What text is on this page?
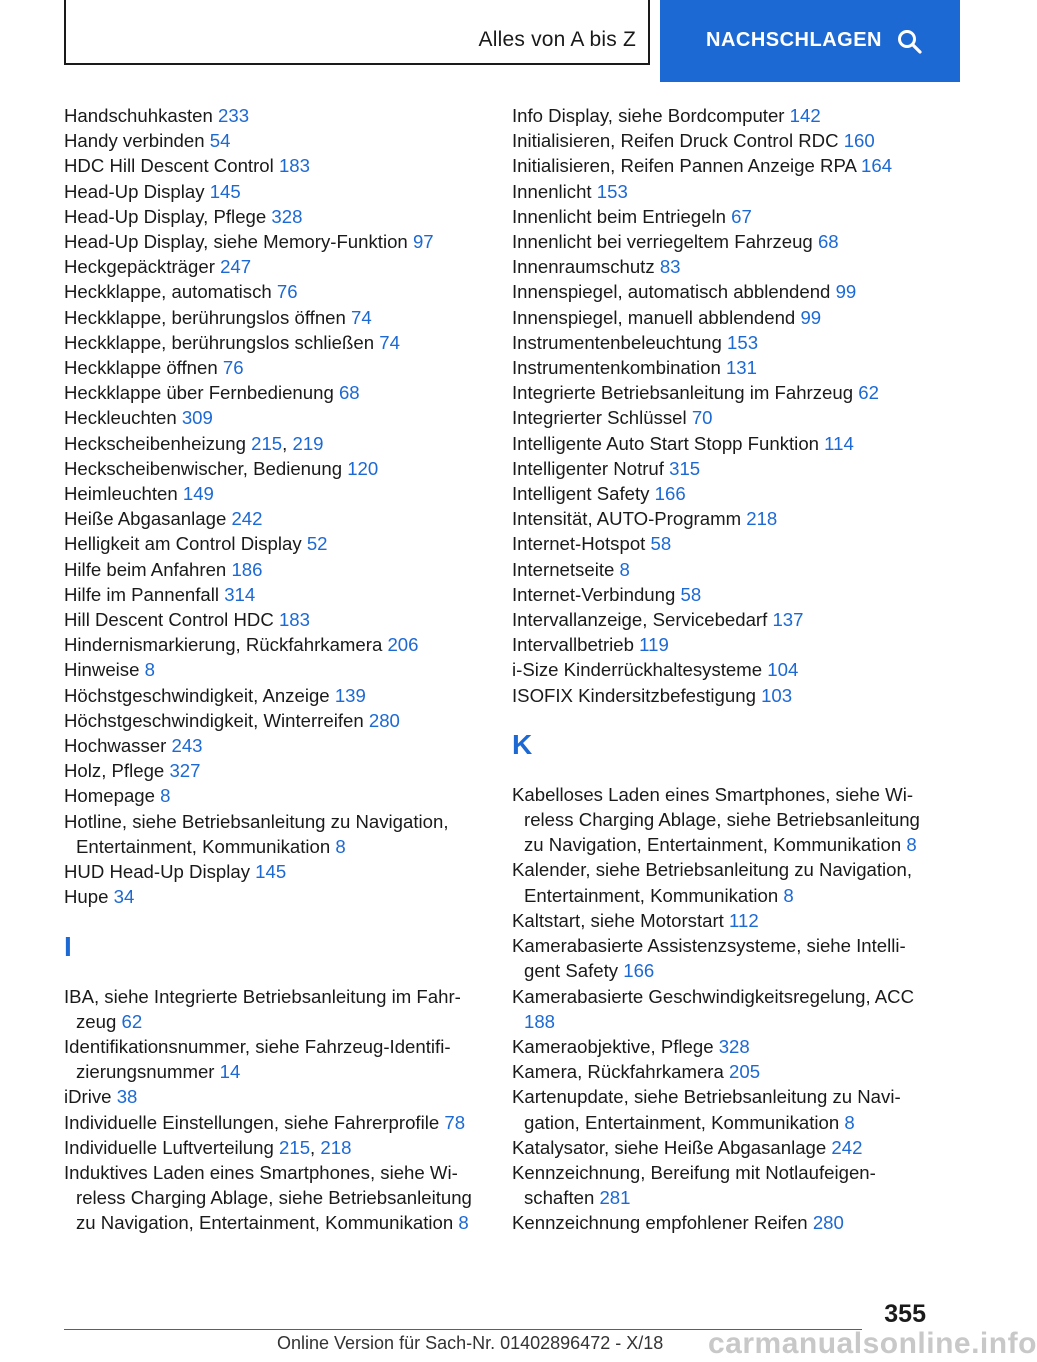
Alles von A bis Z	NACHSCHLAGEN
Handschuhkasten 233
Handy verbinden 54
HDC Hill Descent Control 183
Head-Up Display 145
Head-Up Display, Pflege 328
Head-Up Display, siehe Memory-Funktion 97
Heckgepäckträger 247
Heckklappe, automatisch 76
Heckklappe, berührungslos öffnen 74
Heckklappe, berührungslos schließen 74
Heckklappe öffnen 76
Heckklappe über Fernbedienung 68
Heckleuchten 309
Heckscheibenheizung 215, 219
Heckscheibenwischer, Bedienung 120
Heimleuchten 149
Heiße Abgasanlage 242
Helligkeit am Control Display 52
Hilfe beim Anfahren 186
Hilfe im Pannenfall 314
Hill Descent Control HDC 183
Hindernismarkierung, Rückfahrkamera 206
Hinweise 8
Höchstgeschwindigkeit, Anzeige 139
Höchstgeschwindigkeit, Winterreifen 280
Hochwasser 243
Holz, Pflege 327
Homepage 8
Hotline, siehe Betriebsanleitung zu Navigation, Entertainment, Kommunikation 8
HUD Head-Up Display 145
Hupe 34
I
IBA, siehe Integrierte Betriebsanleitung im Fahrzeug 62
Identifikationsnummer, siehe Fahrzeug-Identifizierungsnummer 14
iDrive 38
Individuelle Einstellungen, siehe Fahrerprofile 78
Individuelle Luftverteilung 215, 218
Induktives Laden eines Smartphones, siehe Wireless Charging Ablage, siehe Betriebsanleitung zu Navigation, Entertainment, Kommunikation 8
Info Display, siehe Bordcomputer 142
Initialisieren, Reifen Druck Control RDC 160
Initialisieren, Reifen Pannen Anzeige RPA 164
Innenlicht 153
Innenlicht beim Entriegeln 67
Innenlicht bei verriegeltem Fahrzeug 68
Innenraumschutz 83
Innenspiegel, automatisch abblendend 99
Innenspiegel, manuell abblendend 99
Instrumentenbeleuchtung 153
Instrumentenkombination 131
Integrierte Betriebsanleitung im Fahrzeug 62
Integrierter Schlüssel 70
Intelligente Auto Start Stopp Funktion 114
Intelligenter Notruf 315
Intelligent Safety 166
Intensität, AUTO-Programm 218
Internet-Hotspot 58
Internetseite 8
Internet-Verbindung 58
Intervallanzeige, Servicebedarf 137
Intervallbetrieb 119
i-Size Kinderrückhaltesysteme 104
ISOFIX Kindersitzbefestigung 103
K
Kabelloses Laden eines Smartphones, siehe Wireless Charging Ablage, siehe Betriebsanleitung zu Navigation, Entertainment, Kommunikation 8
Kalender, siehe Betriebsanleitung zu Navigation, Entertainment, Kommunikation 8
Kaltstart, siehe Motorstart 112
Kamerabasierte Assistenzsysteme, siehe Intelligent Safety 166
Kamerabasierte Geschwindigkeitsregelung, ACC 188
Kameraobjektive, Pflege 328
Kamera, Rückfahrkamera 205
Kartenupdate, siehe Betriebsanleitung zu Navigation, Entertainment, Kommunikation 8
Katalysator, siehe Heiße Abgasanlage 242
Kennzeichnung, Bereifung mit Notlaufeigenschaften 281
Kennzeichnung empfohlener Reifen 280
355
Online Version für Sach-Nr. 01402896472 - X/18 carmanualsonline.info
